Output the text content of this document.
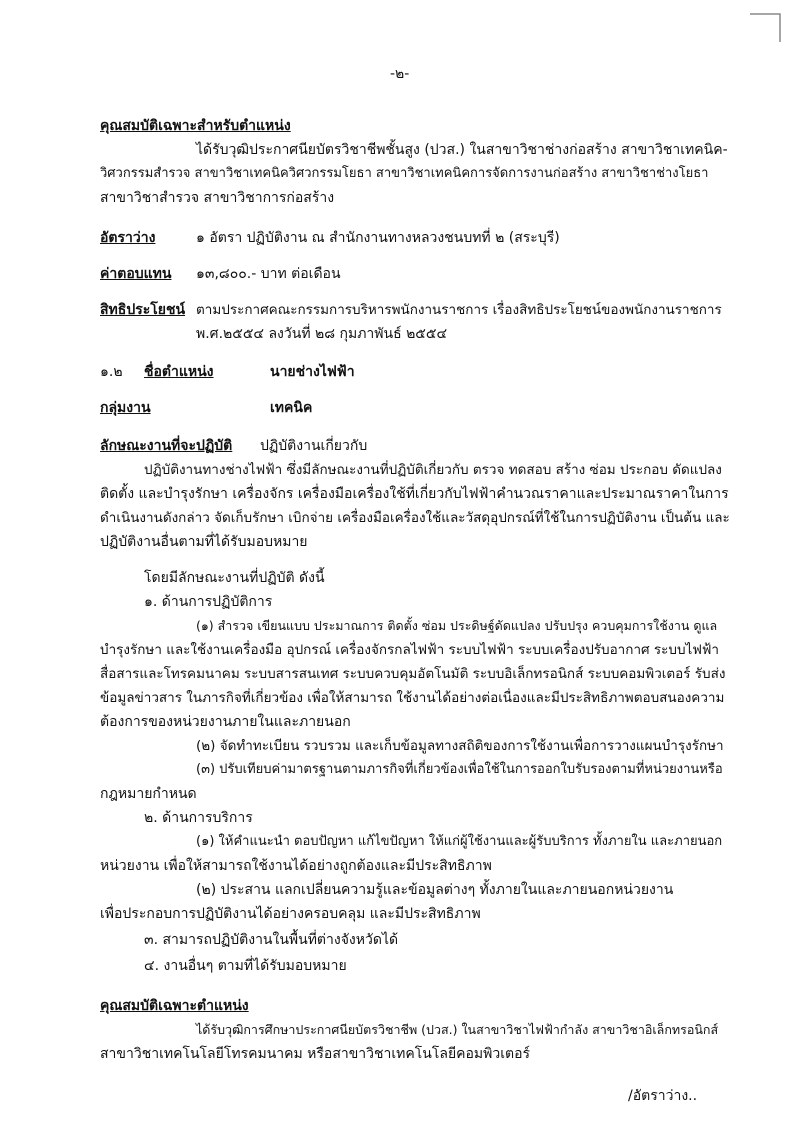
-๒-
คุณสมบัติเฉพาะสำหรับตำแหน่ง
ได้รับวุฒิประกาศนียบัตรวิชาชีพชั้นสูง (ปวส.) ในสาขาวิชาช่างก่อสร้าง สาขาวิชาเทคนิค-
วิศวกรรมสำรวจ สาขาวิชาเทคนิควิศวกรรมโยธา สาขาวิชาเทคนิคการจัดการงานก่อสร้าง สาขาวิชาช่างโยธา
สาขาวิชาสำรวจ สาขาวิชาการก่อสร้าง
อัตราว่าง	๑ อัตรา ปฏิบัติงาน ณ สำนักงานทางหลวงชนบทที่ ๒ (สระบุรี)
ค่าตอบแทน ๑๓,๘๐๐.- บาท ต่อเดือน
สิทธิประโยชน์ ตามประกาศคณะกรรมการบริหารพนักงานราชการ เรื่องสิทธิประโยชน์ของพนักงานราชการ
พ.ศ.๒๕๕๔ ลงวันที่ ๒๘ กุมภาพันธ์ ๒๕๕๔
๑.๒ ชื่อตำแหน่ง	นายช่างไฟฟ้า
กลุ่มงาน	เทคนิค
ลักษณะงานที่จะปฏิบัติ ปฏิบัติงานเกี่ยวกับ
ปฏิบัติงานทางช่างไฟฟ้า ซึ่งมีลักษณะงานที่ปฏิบัติเกี่ยวกับ ตรวจ ทดสอบ สร้าง ซ่อม ประกอบ ดัดแปลง
ติดตั้ง และบำรุงรักษา เครื่องจักร เครื่องมือเครื่องใช้ที่เกี่ยวกับไฟฟ้าคำนวณราคาและประมาณราคาในการ
ดำเนินงานดังกล่าว จัดเก็บรักษา เบิกจ่าย เครื่องมือเครื่องใช้และวัสดุอุปกรณ์ที่ใช้ในการปฏิบัติงาน เป็นต้น และ
ปฏิบัติงานอื่นตามที่ได้รับมอบหมาย
โดยมีลักษณะงานที่ปฏิบัติ ดังนี้
๑. ด้านการปฏิบัติการ
(๑) สำรวจ เขียนแบบ ประมาณการ ติดตั้ง ซ่อม ประดิษฐ์ดัดแปลง ปรับปรุง ควบคุมการใช้งาน ดูแล
บำรุงรักษา และใช้งานเครื่องมือ อุปกรณ์ เครื่องจักรกลไฟฟ้า ระบบไฟฟ้า ระบบเครื่องปรับอากาศ ระบบไฟฟ้า
สื่อสารและโทรคมนาคม ระบบสารสนเทศ ระบบควบคุมอัตโนมัติ ระบบอิเล็กทรอนิกส์ ระบบคอมพิวเตอร์ รับส่ง
ข้อมูลข่าวสาร ในภารกิจที่เกี่ยวข้อง เพื่อให้สามารถ ใช้งานได้อย่างต่อเนื่องและมีประสิทธิภาพตอบสนองความ
ต้องการของหน่วยงานภายในและภายนอก
(๒) จัดทำทะเบียน รวบรวม และเก็บข้อมูลทางสถิติของการใช้งานเพื่อการวางแผนบำรุงรักษา
(๓) ปรับเทียบค่ามาตรฐานตามภารกิจที่เกี่ยวข้องเพื่อใช้ในการออกใบรับรองตามที่หน่วยงานหรือ
กฎหมายกำหนด
๒. ด้านการบริการ
(๑) ให้คำแนะนำ ตอบปัญหา แก้ไขปัญหา ให้แก่ผู้ใช้งานและผู้รับบริการ ทั้งภายใน และภายนอก
หน่วยงาน เพื่อให้สามารถใช้งานได้อย่างถูกต้องและมีประสิทธิภาพ
(๒) ประสาน แลกเปลี่ยนความรู้และข้อมูลต่างๆ ทั้งภายในและภายนอกหน่วยงาน
เพื่อประกอบการปฏิบัติงานได้อย่างครอบคลุม และมีประสิทธิภาพ
๓. สามารถปฏิบัติงานในพื้นที่ต่างจังหวัดได้
๔. งานอื่นๆ ตามที่ได้รับมอบหมาย
คุณสมบัติเฉพาะตำแหน่ง
ได้รับวุฒิการศึกษาประกาศนียบัตรวิชาชีพ (ปวส.) ในสาขาวิชาไฟฟ้ากำลัง สาขาวิชาอิเล็กทรอนิกส์
สาขาวิชาเทคโนโลยีโทรคมนาคม หรือสาขาวิชาเทคโนโลยีคอมพิวเตอร์
/อัตราว่าง..
